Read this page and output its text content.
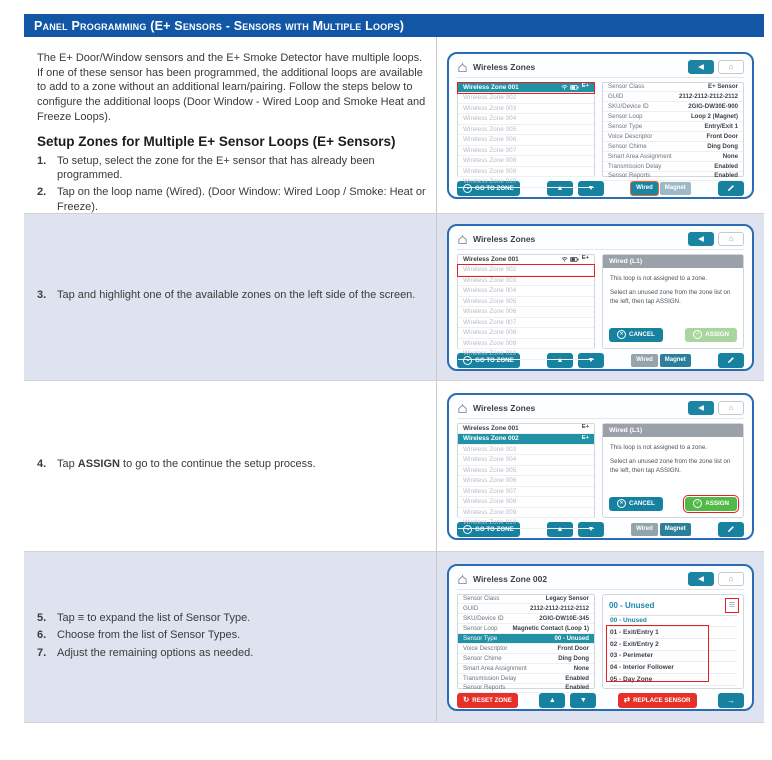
Panel Programming (E+ Sensors - Sensors with Multiple Loops)

The E+ Door/Window sensors and the E+ Smoke Detector have multiple loops. If one of these sensor has been programmed, the additional loops are available to add to a zone without an additional learn/pairing. Follow the steps below to configure the additional loops (Door Window - Wired Loop and Smoke Heat and Freeze Loops).

Setup Zones for Multiple E+ Sensor Loops (E+ Sensors)
1. To setup, select the zone for the E+ sensor that has already been programmed.
2. Tap on the loop name (Wired). (Door Window: Wired Loop / Smoke: Heat or Freeze).
Wireless Zones	◀	⌂
Wireless Zone 001	E+
Wireless Zone 002
Wireless Zone 003
Wireless Zone 004
Wireless Zone 005
Wireless Zone 006
Wireless Zone 007
Wireless Zone 008
Wireless Zone 009
Wireless Zone 010
Sensor Class	E+ Sensor
GUID	2112-2112-2112-2112
SKU/Device ID	2GIG-DW30E-900
Sensor Loop	Loop 2 (Magnet)
Sensor Type	Entry/Exit 1
Voice Descriptor	Front Door
Sensor Chime	Ding Dong
Smart Area Assignment	None
Transmission Delay	Enabled
Sensor Reports	Enabled
GO TO ZONE	▲	▼	Wired	Magnet
3. Tap and highlight one of the available zones on the left side of the screen.
Wireless Zones	◀	⌂
Wireless Zone 001	E+
Wireless Zone 002
Wireless Zone 003
Wireless Zone 004
Wireless Zone 005
Wireless Zone 006
Wireless Zone 007
Wireless Zone 008
Wireless Zone 009
Wireless Zone 010
Wired (L1)
This loop is not assigned to a zone.
Select an unused zone from the zone list on the left, then tap ASSIGN.
✕ CANCEL	✓ ASSIGN
GO TO ZONE	▲	▼	Wired	Magnet
4. Tap ASSIGN to go to the continue the setup process.
Wireless Zones	◀	⌂
Wireless Zone 001	E+
Wireless Zone 002	E+
Wireless Zone 003
Wireless Zone 004
Wireless Zone 005
Wireless Zone 006
Wireless Zone 007
Wireless Zone 008
Wireless Zone 009
Wireless Zone 010
Wired (L1)
This loop is not assigned to a zone.
Select an unused zone from the zone list on the left, then tap ASSIGN.
✕ CANCEL	✓ ASSIGN
GO TO ZONE	▲	▼	Wired	Magnet
5. Tap ≡ to expand the list of Sensor Type.
6. Choose from the list of Sensor Types.
7. Adjust the remaining options as needed.
Wireless Zone 002	◀	⌂
Sensor Class	Legacy Sensor
GUID	2112-2112-2112-2112
SKU/Device ID	2GIG-DW10E-345
Sensor Loop Magnetic Contact (Loop 1)
Sensor Type	00 - Unused
Voice Descriptor	Front Door
Sensor Chime	Ding Dong
Smart Area Assignment	None
Transmission Delay	Enabled
Sensor Reports	Enabled
00 - Unused	≡
00 - Unused
01 - Exit/Entry 1
02 - Exit/Entry 2
03 - Perimeter
04 - Interior Follower
05 - Day Zone
↻ RESET ZONE	▲	▼	⇄ REPLACE SENSOR	→
